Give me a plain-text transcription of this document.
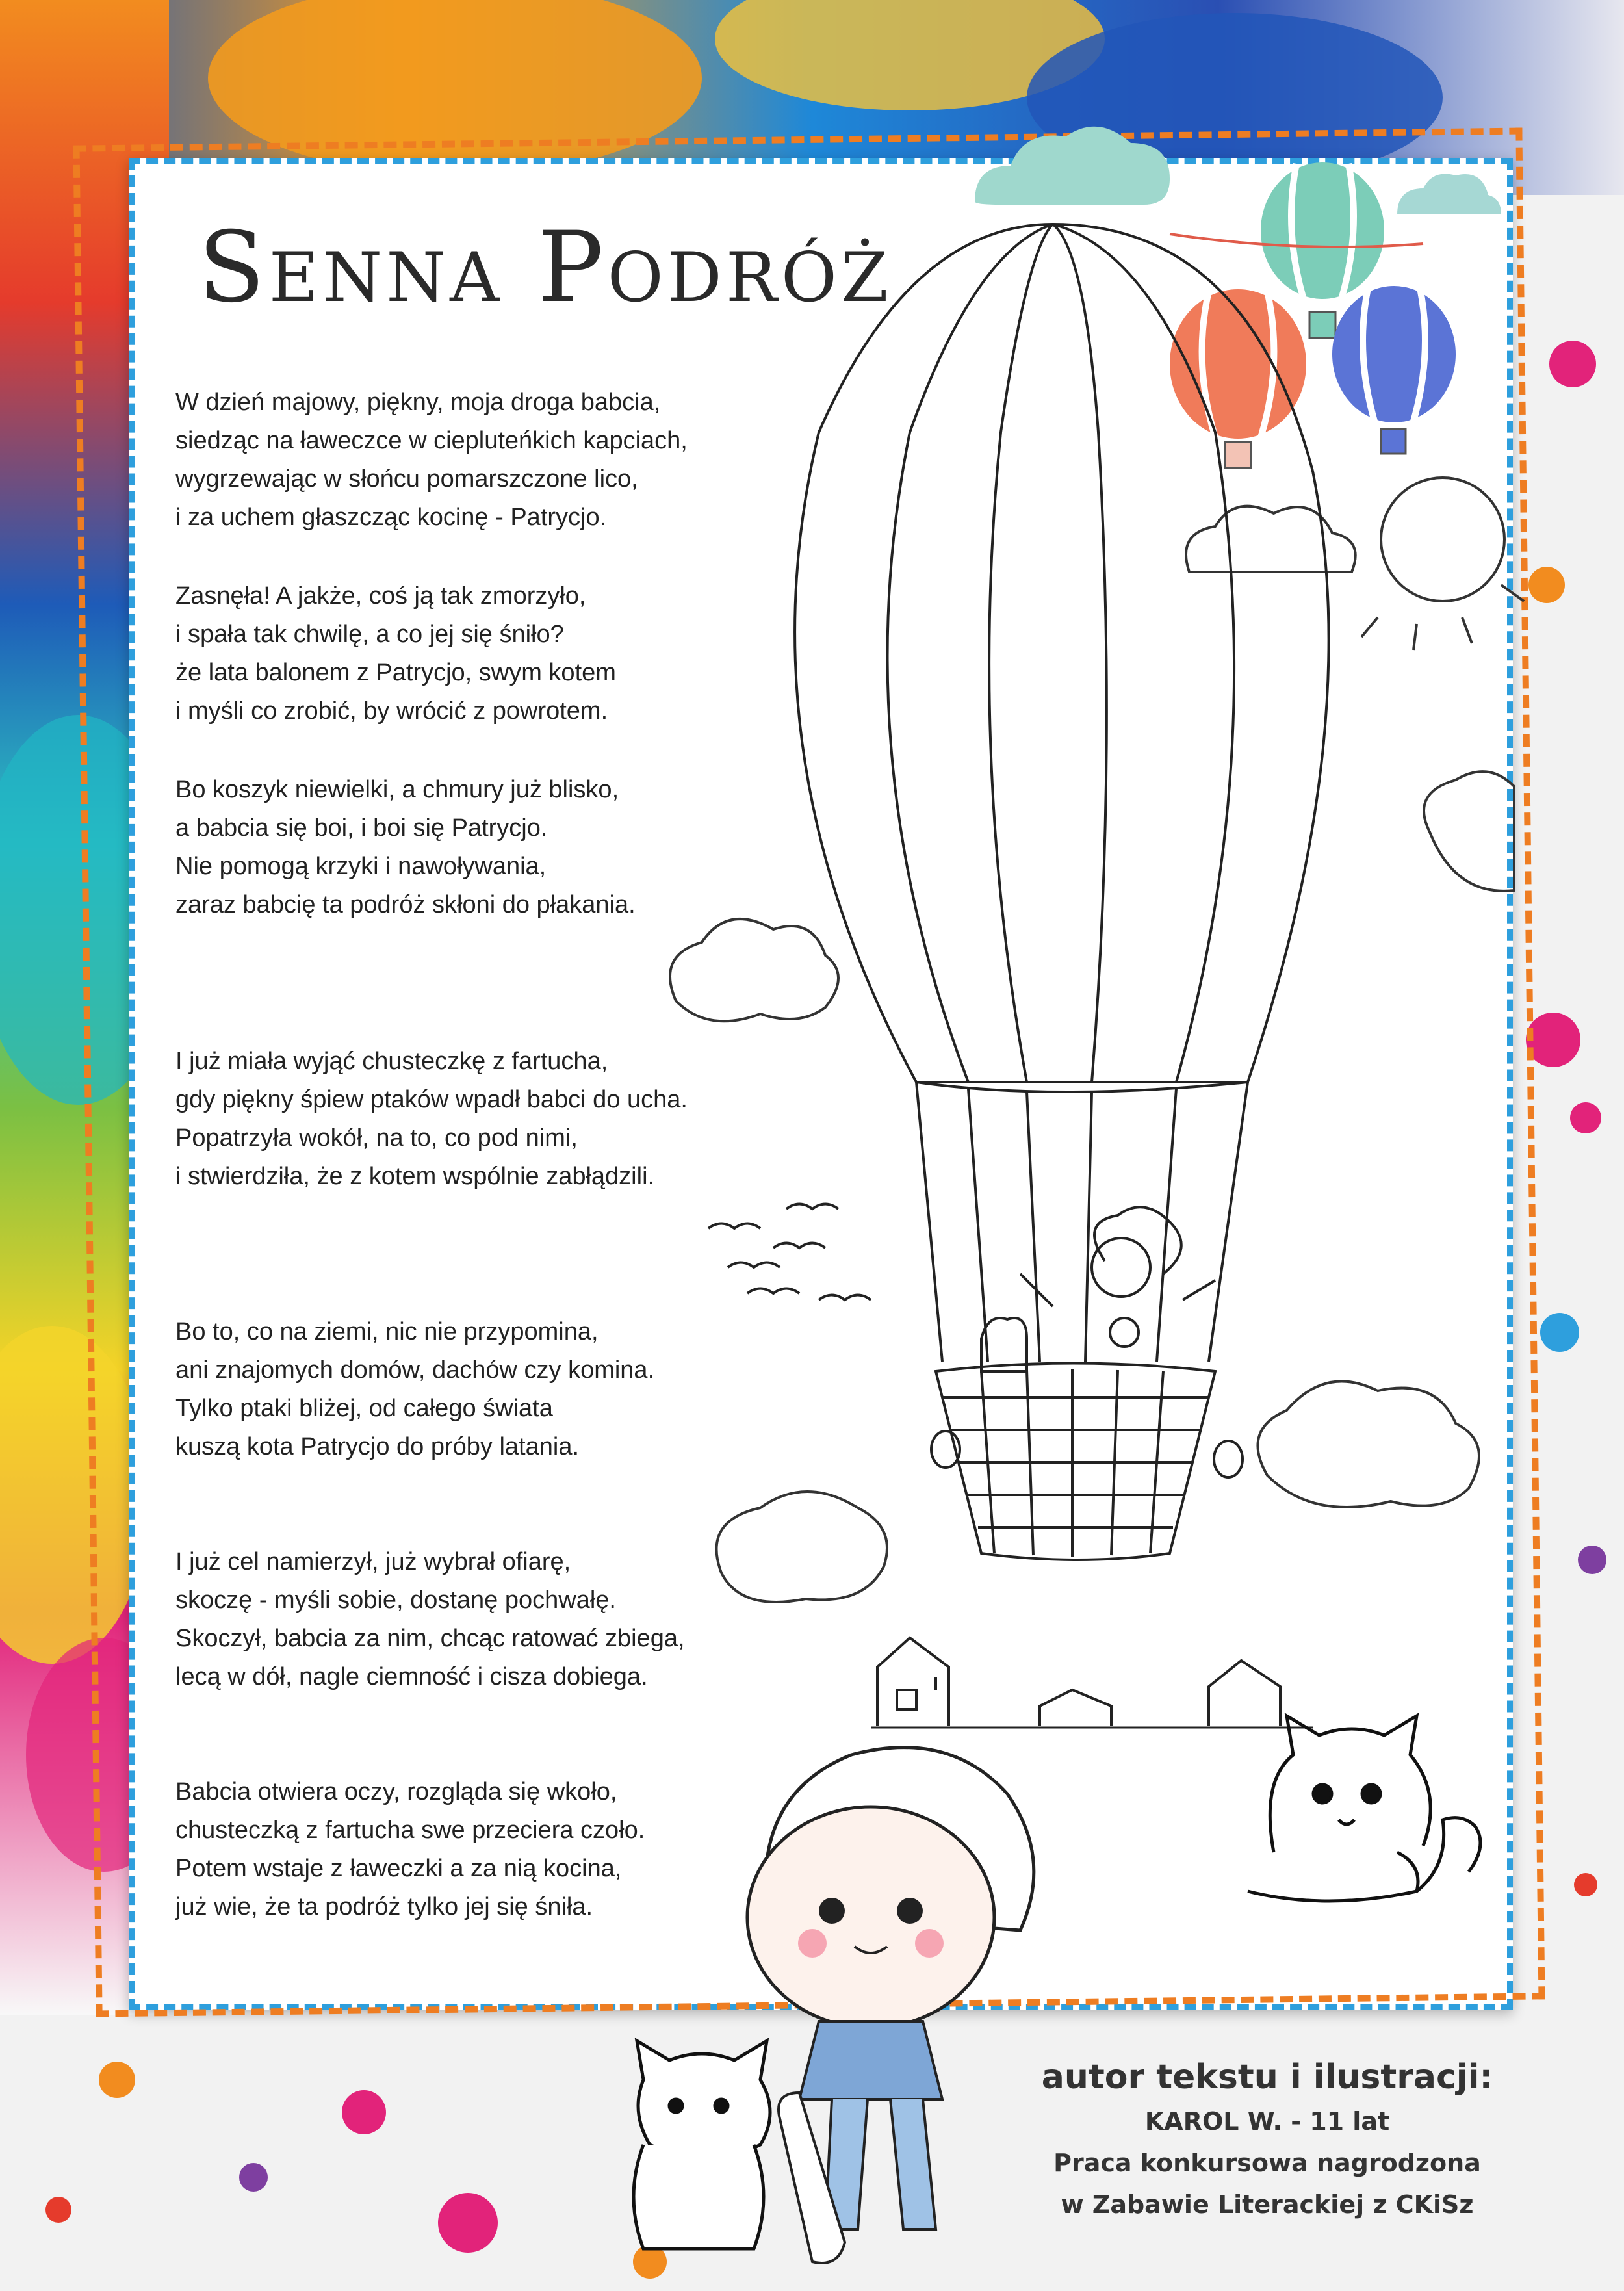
Senna Podróż
W dzień majowy, piękny, moja droga babcia,
siedząc na ławeczce w ciepluteńkich kapciach,
wygrzewając w słońcu pomarszczone lico,
i za uchem głaszcząc kocinę - Patrycjo.
Zasnęła! A jakże, coś ją tak zmorzyło,
i spała tak chwilę, a co jej się śniło?
że lata balonem z Patrycjo, swym kotem
i myśli co zrobić, by wrócić z powrotem.
Bo koszyk niewielki, a chmury już blisko,
a babcia się boi, i boi się Patrycjo.
Nie pomogą krzyki i nawoływania,
zaraz babcię ta podróż skłoni do płakania.
I już miała wyjąć chusteczkę z fartucha,
gdy piękny śpiew ptaków wpadł babci do ucha.
Popatrzyła wokół, na to, co pod nimi,
i stwierdziła, że z kotem wspólnie zabłądzili.
Bo to, co na ziemi, nic nie przypomina,
ani znajomych domów, dachów czy komina.
Tylko ptaki bliżej, od całego świata
kuszą kota Patrycjo do próby latania.
I już cel namierzył, już wybrał ofiarę,
skoczę - myśli sobie, dostanę pochwałę.
Skoczył, babcia za nim, chcąc ratować zbiega,
lecą w dół, nagle ciemność i cisza dobiega.
Babcia otwiera oczy, rozgląda się wkoło,
chusteczką z fartucha swe przeciera czoło.
Potem wstaje z ławeczki a za nią kocina,
już wie, że ta podróż tylko jej się śniła.
autor tekstu i ilustracji:
KAROL W. - 11 lat
Praca konkursowa nagrodzona
w Zabawie Literackiej z CKiSz
